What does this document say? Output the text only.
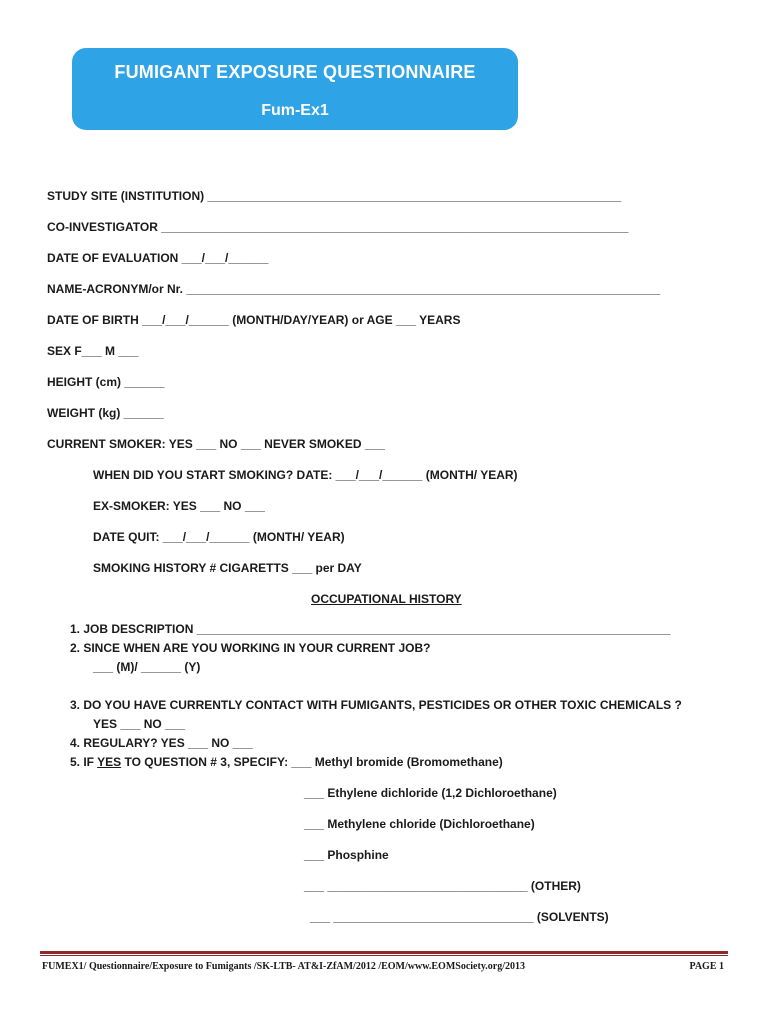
FUMIGANT EXPOSURE QUESTIONNAIRE
Fum-Ex1
STUDY SITE (INSTITUTION) ______________________________________________________________
CO-INVESTIGATOR ______________________________________________________________________
DATE OF EVALUATION ___/___/______
NAME-ACRONYM/or Nr. _______________________________________________________________________
DATE OF BIRTH ___/___/______ (MONTH/DAY/YEAR) or AGE ___ YEARS
SEX F___ M ___
HEIGHT (cm) ______
WEIGHT (kg) ______
CURRENT SMOKER: YES ___ NO ___ NEVER SMOKED ___
WHEN DID YOU START SMOKING? DATE: ___/___/______ (MONTH/ YEAR)
EX-SMOKER: YES ___ NO ___
DATE QUIT: ___/___/______ (MONTH/ YEAR)
SMOKING HISTORY # CIGARETTS ___ per DAY
OCCUPATIONAL HISTORY
1. JOB DESCRIPTION _______________________________________________________________________
2. SINCE WHEN ARE YOU WORKING IN YOUR CURRENT JOB?
___ (M)/ ______ (Y)
3. DO YOU HAVE CURRENTLY CONTACT WITH FUMIGANTS, PESTICIDES OR OTHER TOXIC CHEMICALS ?
YES ___ NO ___
4. REGULARY? YES ___ NO ___
5. IF YES TO QUESTION # 3, SPECIFY: ___ Methyl bromide (Bromomethane)
___ Ethylene dichloride (1,2 Dichloroethane)
___ Methylene chloride (Dichloroethane)
___ Phosphine
___ ______________________________ (OTHER)
___ ______________________________ (SOLVENTS)
FUMEX1/ Questionnaire/Exposure to Fumigants /SK-LTB- AT&I-ZfAM/2012 /EOM/www.EOMSociety.org/2013	PAGE 1
